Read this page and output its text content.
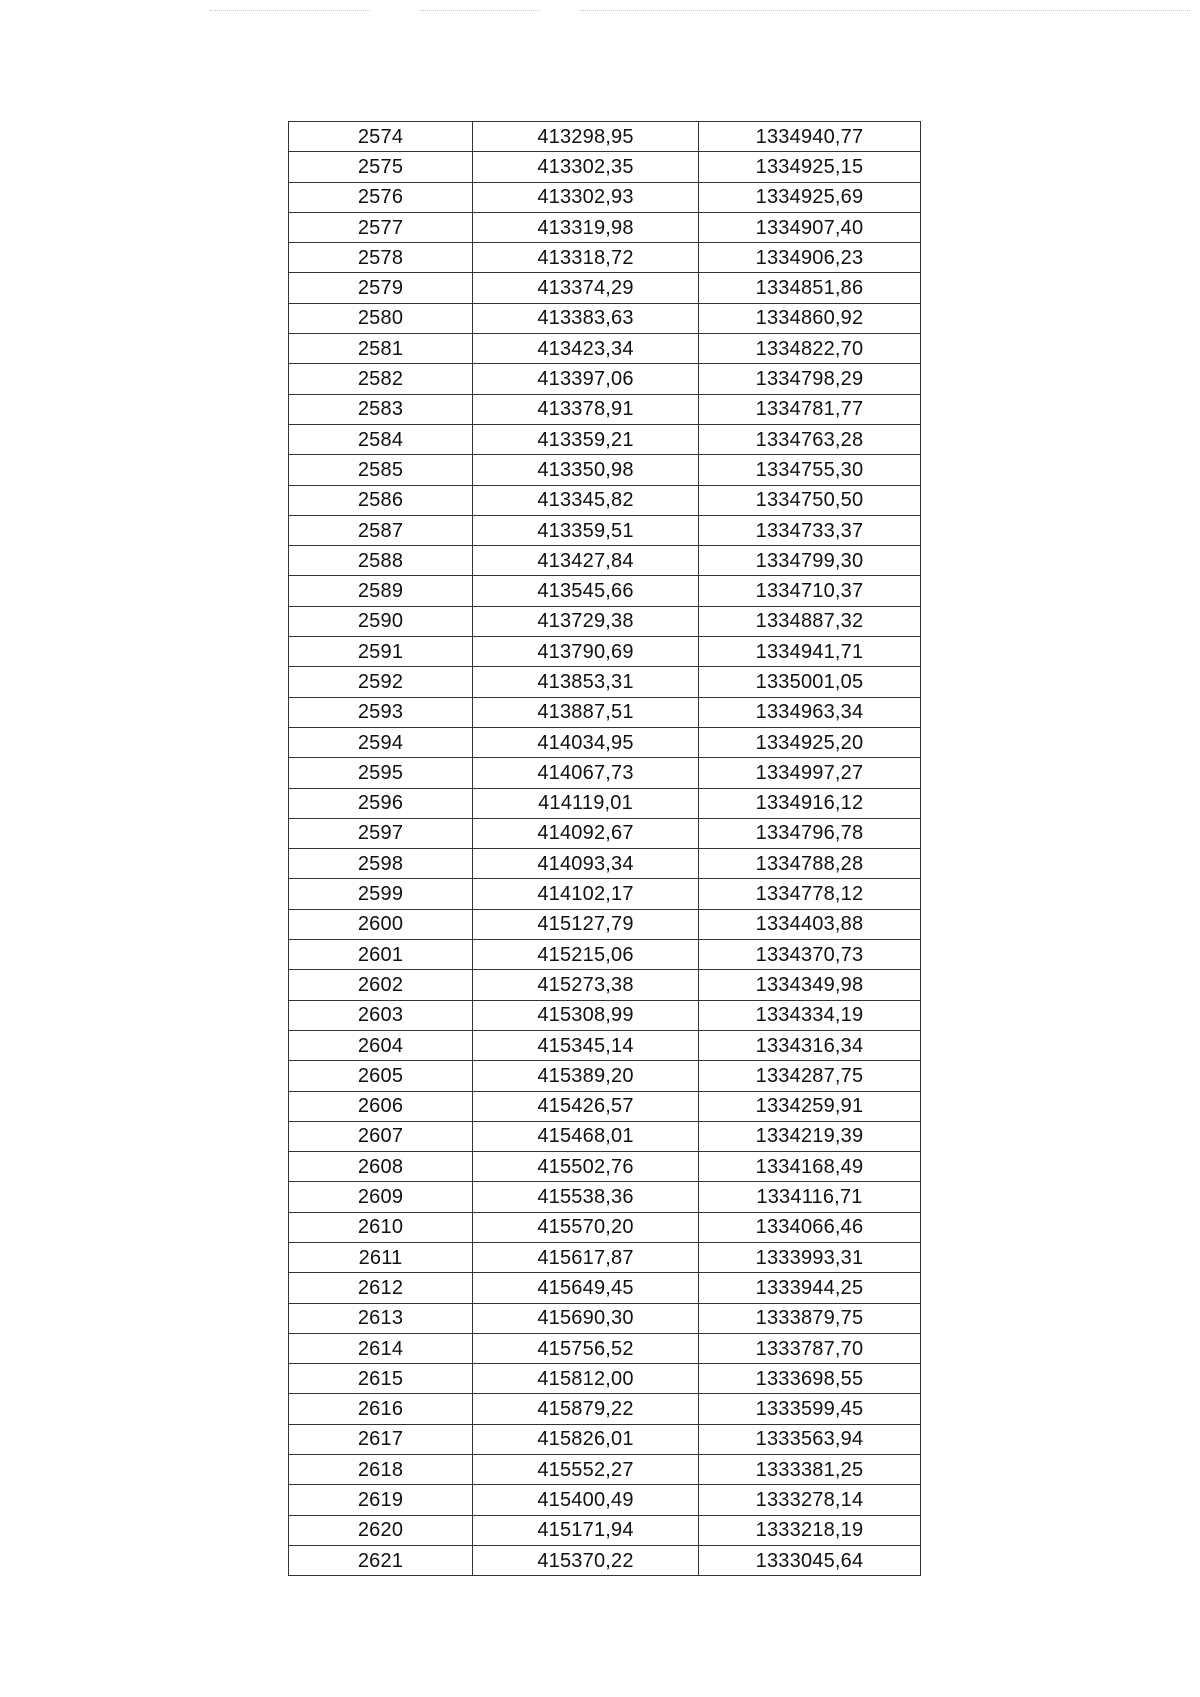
2574	413298,95	1334940,77
2575	413302,35	1334925,15
2576	413302,93	1334925,69
2577	413319,98	1334907,40
2578	413318,72	1334906,23
2579	413374,29	1334851,86
2580	413383,63	1334860,92
2581	413423,34	1334822,70
2582	413397,06	1334798,29
2583	413378,91	1334781,77
2584	413359,21	1334763,28
2585	413350,98	1334755,30
2586	413345,82	1334750,50
2587	413359,51	1334733,37
2588	413427,84	1334799,30
2589	413545,66	1334710,37
2590	413729,38	1334887,32
2591	413790,69	1334941,71
2592	413853,31	1335001,05
2593	413887,51	1334963,34
2594	414034,95	1334925,20
2595	414067,73	1334997,27
2596	414119,01	1334916,12
2597	414092,67	1334796,78
2598	414093,34	1334788,28
2599	414102,17	1334778,12
2600	415127,79	1334403,88
2601	415215,06	1334370,73
2602	415273,38	1334349,98
2603	415308,99	1334334,19
2604	415345,14	1334316,34
2605	415389,20	1334287,75
2606	415426,57	1334259,91
2607	415468,01	1334219,39
2608	415502,76	1334168,49
2609	415538,36	1334116,71
2610	415570,20	1334066,46
2611	415617,87	1333993,31
2612	415649,45	1333944,25
2613	415690,30	1333879,75
2614	415756,52	1333787,70
2615	415812,00	1333698,55
2616	415879,22	1333599,45
2617	415826,01	1333563,94
2618	415552,27	1333381,25
2619	415400,49	1333278,14
2620	415171,94	1333218,19
2621	415370,22	1333045,64
